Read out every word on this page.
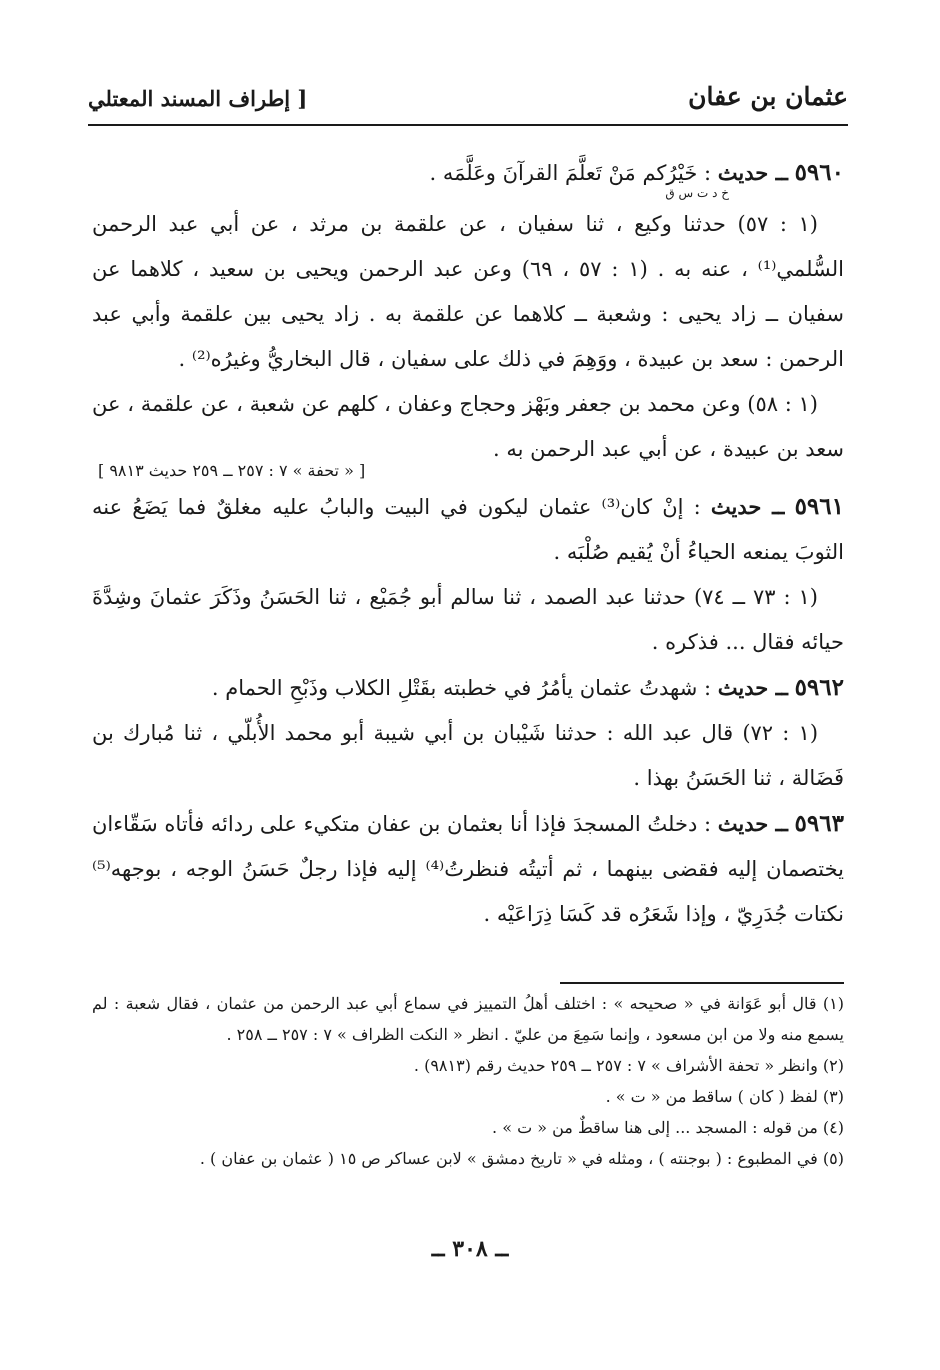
عثمان بن عفان
[ إطراف المسند المعتلي

٥٩٦٠ ــ حديث : خَيْرُكم مَنْ تَعلَّمَ القرآنَ وعَلَّمَه .

خ د ت س ق

(١ : ٥٧) حدثنا وكيع ، ثنا سفيان ، عن علقمة بن مرثد ، عن أبي عبد الرحمن السُّلمي⁽¹⁾ ، عنه به . (١ : ٥٧ ، ٦٩) وعن عبد الرحمن ويحيى بن سعيد ، كلاهما عن سفيان ــ زاد يحيى : وشعبة ــ كلاهما عن علقمة به . زاد يحيى بين علقمة وأبي عبد الرحمن : سعد بن عبيدة ، ووَهِمَ في ذلك على سفيان ، قال البخاريُّ وغيرُه⁽²⁾ .

(١ : ٥٨) وعن محمد بن جعفر وبَهْز وحجاج وعفان ، كلهم عن شعبة ، عن علقمة ، عن سعد بن عبيدة ، عن أبي عبد الرحمن به .

[ « تحفة » ٧ : ٢٥٧ ــ ٢٥٩ حديث ٩٨١٣ ]

٥٩٦١ ــ حديث : إنْ كان⁽³⁾ عثمان ليكون في البيت والبابُ عليه مغلقٌ فما يَضَعُ عنه الثوبَ يمنعه الحياءُ أنْ يُقيم صُلْبَه .

(١ : ٧٣ ــ ٧٤) حدثنا عبد الصمد ، ثنا سالم أبو جُمَيْع ، ثنا الحَسَنُ وذَكَرَ عثمانَ وشِدَّةَ حيائه فقال ... فذكره .

٥٩٦٢ ــ حديث : شهدتُ عثمان يأمُرُ في خطبته بقَتْلِ الكلاب وذَبْحِ الحمام .

(١ : ٧٢) قال عبد الله : حدثنا شَيْبان بن أبي شيبة أبو محمد الأُبلّي ، ثنا مُبارك بن فَضَالة ، ثنا الحَسَنُ بهذا .

٥٩٦٣ ــ حديث : دخلتُ المسجدَ فإذا أنا بعثمان بن عفان متكيء على ردائه فأتاه سَقّاءان يختصمان إليه فقضى بينهما ، ثم أتيتُه فنظرتُ⁽⁴⁾ إليه فإذا رجلٌ حَسَنُ الوجه ، بوجهه⁽⁵⁾ نكتات جُدَرِيّ ، وإذا شَعَرُه قد كَسَا ذِرَاعَيْه .

(١) قال أبو عَوَانة في « صحيحه » : اختلف أهلُ التمييز في سماع أبي عبد الرحمن من عثمان ، فقال شعبة : لم يسمع منه ولا من ابن مسعود ، وإنما سَمِعَ من عليّ . انظر « النكت الظراف » ٧ : ٢٥٧ ــ ٢٥٨ .

(٢) وانظر « تحفة الأشراف » ٧ : ٢٥٧ ــ ٢٥٩ حديث رقم (٩٨١٣) .

(٣) لفظ ( كان ) ساقط من « ت » .

(٤) من قوله : المسجد ... إلى هنا ساقطٌ من « ت » .

(٥) في المطبوع : ( بوجنته ) ، ومثله في « تاريخ دمشق » لابن عساكر ص ١٥ ( عثمان بن عفان ) .

ــ ٣٠٨ ــ
